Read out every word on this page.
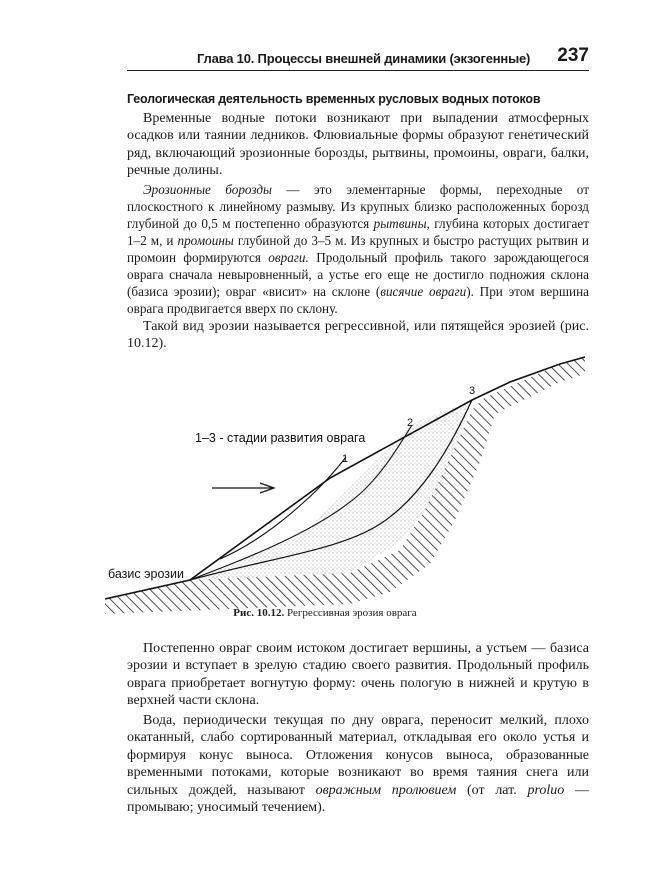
Глава 10. Процессы внешней динамики (экзогенные) 237
Геологическая деятельность временных русловых водных потоков

Временные водные потоки возникают при выпадении атмосферных осадков или таянии ледников. Флювиальные формы образуют генетический ряд, включающий эрозионные борозды, рытвины, промоины, овраги, балки, речные долины.

Эрозионные борозды — это элементарные формы, переходные от плоскостного к линейному размыву. Из крупных близко расположенных борозд глубиной до 0,5 м постепенно образуются рытвины, глубина которых достигает 1–2 м, и промоины глубиной до 3–5 м. Из крупных и быстро растущих рытвин и промоин формируются овраги. Продольный профиль такого зарождающегося оврага сначала невыровненный, а устье его еще не достигло подножия склона (базиса эрозии); овраг «висит» на склоне (висячие овраги). При этом вершина оврага продвигается вверх по склону.

Такой вид эрозии называется регрессивной, или пятящейся эрозией (рис. 10.12).

1–3 - стадии развития оврага
базис эрозии
1
2
3
Рис. 10.12. Регрессивная эрозия оврага

Постепенно овраг своим истоком достигает вершины, а устьем — базиса эрозии и вступает в зрелую стадию своего развития. Продольный профиль оврага приобретает вогнутую форму: очень пологую в нижней и крутую в верхней части склона.

Вода, периодически текущая по дну оврага, переносит мелкий, плохо окатанный, слабо сортированный материал, откладывая его около устья и формируя конус выноса. Отложения конусов выноса, образованные временными потоками, которые возникают во время таяния снега или сильных дождей, называют овражным пролювием (от лат. proluo — промываю; уносимый течением).
